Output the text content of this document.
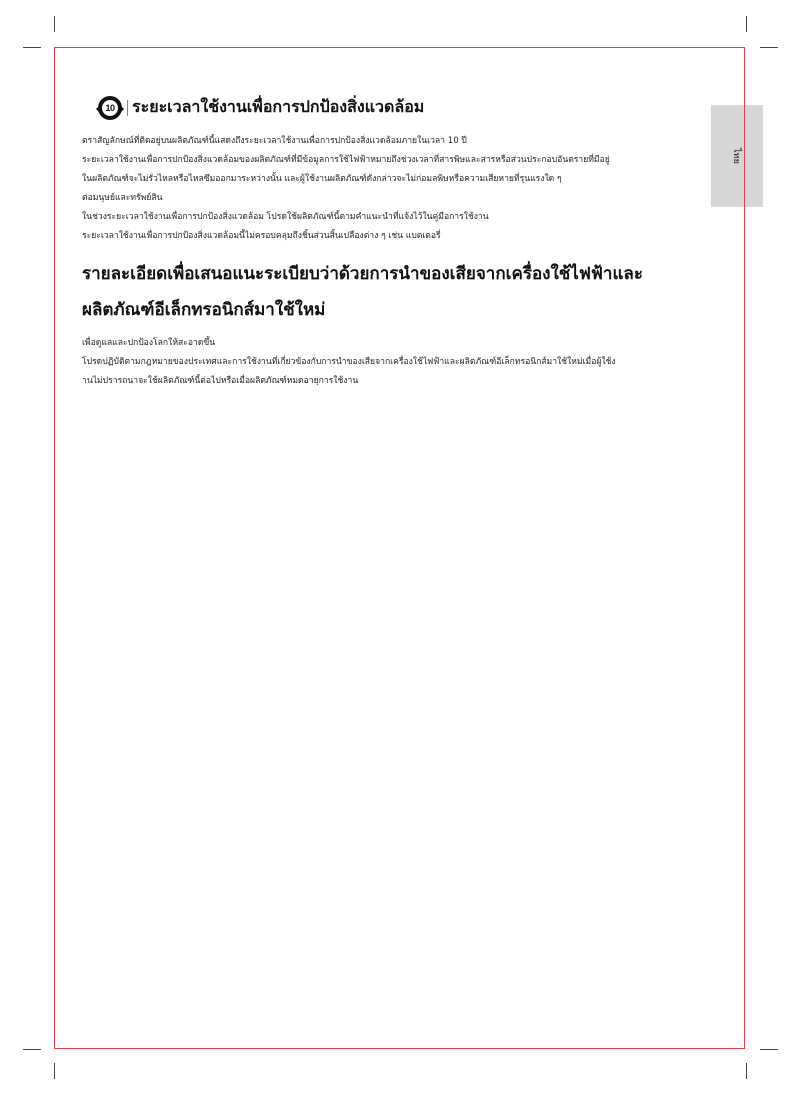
ไทย
10 ระยะเวลาใช้งานเพื่อการปกป้องสิ่งแวดล้อม

ตราสัญลักษณ์ที่ติดอยู่บนผลิตภัณฑ์นี้แสดงถึงระยะเวลาใช้งานเพื่อการปกป้องสิ่งแวดล้อมภายในเวลา 10 ปี

ระยะเวลาใช้งานเพื่อการปกป้องสิ่งแวดล้อมของผลิตภัณฑ์ที่มีข้อมูลการใช้ไฟฟ้าหมายถึงช่วงเวลาที่สารพิษและสารหรือส่วนประกอบอันตรายที่มีอยู่

ในผลิตภัณฑ์จะไม่รั่วไหลหรือไหลซึมออกมาระหว่างนั้น และผู้ใช้งานผลิตภัณฑ์ดังกล่าวจะไม่ก่อมลพิษหรือความเสียหายที่รุนแรงใด ๆ

ต่อมนุษย์และทรัพย์สิน

ในช่วงระยะเวลาใช้งานเพื่อการปกป้องสิ่งแวดล้อม โปรดใช้ผลิตภัณฑ์นี้ตามคำแนะนำที่แจ้งไว้ในคู่มือการใช้งาน

ระยะเวลาใช้งานเพื่อการปกป้องสิ่งแวดล้อมนี้ไม่ครอบคลุมถึงชิ้นส่วนสิ้นเปลืองต่าง ๆ เช่น แบตเตอรี่

รายละเอียดเพื่อเสนอแนะระเบียบว่าด้วยการนำของเสียจากเครื่องใช้ไฟฟ้าและผลิตภัณฑ์อีเล็กทรอนิกส์มาใช้ใหม่

เพื่อดูแลและปกป้องโลกให้สะอาดขึ้น

โปรดปฏิบัติตามกฎหมายของประเทศและการใช้งานที่เกี่ยวข้องกับการนำของเสียจากเครื่องใช้ไฟฟ้าและผลิตภัณฑ์อีเล็กทรอนิกส์มาใช้ใหม่เมื่อผู้ใช้ง

านไม่ปรารถนาจะใช้ผลิตภัณฑ์นี้ต่อไปหรือเมื่อผลิตภัณฑ์หมดอายุการใช้งาน
